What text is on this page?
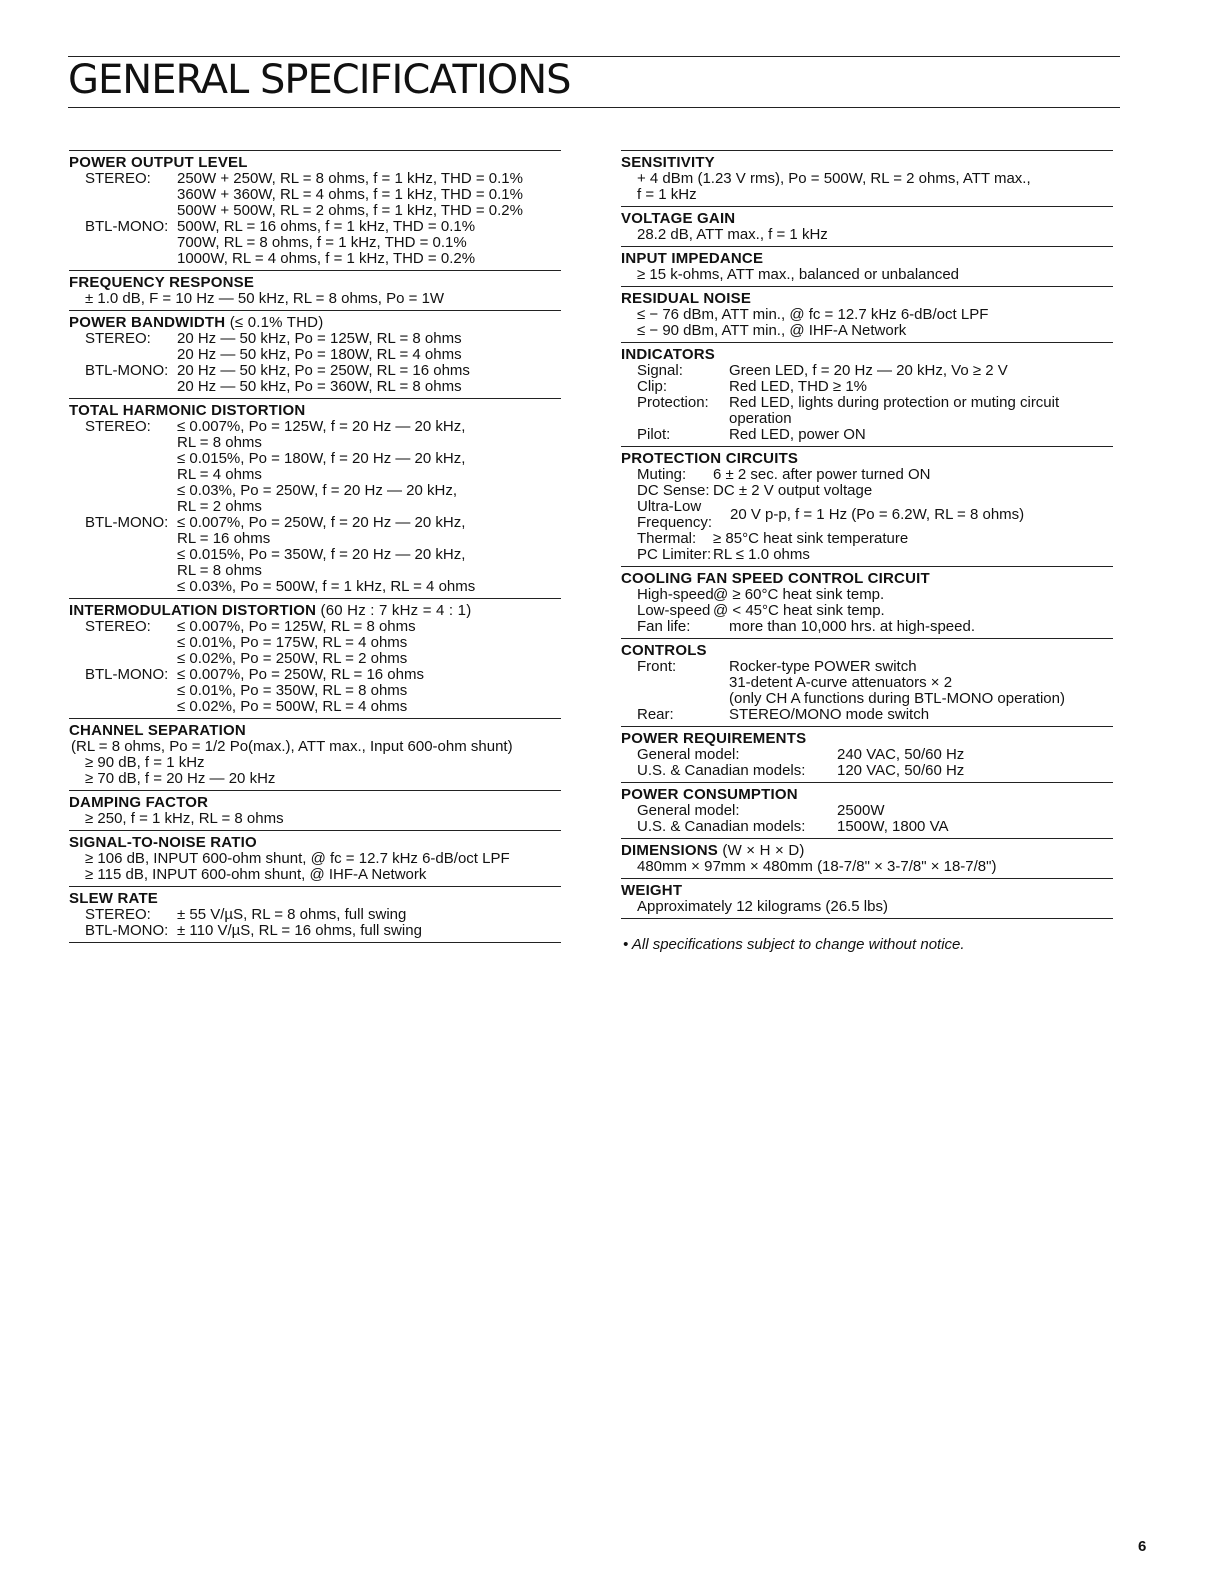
GENERAL SPECIFICATIONS
POWER OUTPUT LEVEL
STEREO:	250W + 250W, RL = 8 ohms, f = 1 kHz, THD = 0.1%
360W + 360W, RL = 4 ohms, f = 1 kHz, THD = 0.1%
500W + 500W, RL = 2 ohms, f = 1 kHz, THD = 0.2%
BTL-MONO: 500W, RL = 16 ohms, f = 1 kHz, THD = 0.1%
700W, RL = 8 ohms, f = 1 kHz, THD = 0.1%
1000W, RL = 4 ohms, f = 1 kHz, THD = 0.2%
FREQUENCY RESPONSE
± 1.0 dB, F = 10 Hz — 50 kHz, RL = 8 ohms, Po = 1W
POWER BANDWIDTH (≤ 0.1% THD)
STEREO:	20 Hz — 50 kHz, Po = 125W, RL = 8 ohms
20 Hz — 50 kHz, Po = 180W, RL = 4 ohms
BTL-MONO: 20 Hz — 50 kHz, Po = 250W, RL = 16 ohms
20 Hz — 50 kHz, Po = 360W, RL = 8 ohms
TOTAL HARMONIC DISTORTION
STEREO:	≤ 0.007%, Po = 125W, f = 20 Hz — 20 kHz,
RL = 8 ohms
≤ 0.015%, Po = 180W, f = 20 Hz — 20 kHz,
RL = 4 ohms
≤ 0.03%, Po = 250W, f = 20 Hz — 20 kHz,
RL = 2 ohms
BTL-MONO: ≤ 0.007%, Po = 250W, f = 20 Hz — 20 kHz,
RL = 16 ohms
≤ 0.015%, Po = 350W, f = 20 Hz — 20 kHz,
RL = 8 ohms
≤ 0.03%, Po = 500W, f = 1 kHz, RL = 4 ohms
INTERMODULATION DISTORTION (60 Hz : 7 kHz = 4 : 1)
STEREO:	≤ 0.007%, Po = 125W, RL = 8 ohms
≤ 0.01%, Po = 175W, RL = 4 ohms
≤ 0.02%, Po = 250W, RL = 2 ohms
BTL-MONO: ≤ 0.007%, Po = 250W, RL = 16 ohms
≤ 0.01%, Po = 350W, RL = 8 ohms
≤ 0.02%, Po = 500W, RL = 4 ohms
CHANNEL SEPARATION
(RL = 8 ohms, Po = 1/2 Po(max.), ATT max., Input 600-ohm shunt)
≥ 90 dB, f = 1 kHz
≥ 70 dB, f = 20 Hz — 20 kHz
DAMPING FACTOR
≥ 250, f = 1 kHz, RL = 8 ohms
SIGNAL-TO-NOISE RATIO
≥ 106 dB, INPUT 600-ohm shunt, @ fc = 12.7 kHz 6-dB/oct LPF
≥ 115 dB, INPUT 600-ohm shunt, @ IHF-A Network
SLEW RATE
STEREO:	± 55 V/µS, RL = 8 ohms, full swing
BTL-MONO: ± 110 V/µS, RL = 16 ohms, full swing
SENSITIVITY
+ 4 dBm (1.23 V rms), Po = 500W, RL = 2 ohms, ATT max.,
f = 1 kHz
VOLTAGE GAIN
28.2 dB, ATT max., f = 1 kHz
INPUT IMPEDANCE
≥ 15 k-ohms, ATT max., balanced or unbalanced
RESIDUAL NOISE
≤ − 76 dBm, ATT min., @ fc = 12.7 kHz 6-dB/oct LPF
≤ − 90 dBm, ATT min., @ IHF-A Network
INDICATORS
Signal:	Green LED, f = 20 Hz — 20 kHz, Vo ≥ 2 V
Clip:	Red LED, THD ≥ 1%
Protection:	Red LED, lights during protection or muting circuit
operation
Pilot:	Red LED, power ON
PROTECTION CIRCUITS
Muting:	6 ± 2 sec. after power turned ON
DC Sense: DC ± 2 V output voltage
Ultra-Low Frequency:	20 V p-p, f = 1 Hz (Po = 6.2W, RL = 8 ohms)
Thermal:	≥ 85°C heat sink temperature
PC Limiter: RL ≤ 1.0 ohms
COOLING FAN SPEED CONTROL CIRCUIT
High-speed @ ≥ 60°C heat sink temp.
Low-speed @ < 45°C heat sink temp.
Fan life:	more than 10,000 hrs. at high-speed.
CONTROLS
Front:	Rocker-type POWER switch
31-detent A-curve attenuators × 2
(only CH A functions during BTL-MONO operation)
Rear:	STEREO/MONO mode switch
POWER REQUIREMENTS
General model:	240 VAC, 50/60 Hz
U.S. & Canadian models:	120 VAC, 50/60 Hz
POWER CONSUMPTION
General model:	2500W
U.S. & Canadian models:	1500W, 1800 VA
DIMENSIONS (W × H × D)
480mm × 97mm × 480mm (18-7/8" × 3-7/8" × 18-7/8")
WEIGHT
Approximately 12 kilograms (26.5 lbs)
• All specifications subject to change without notice.
6
